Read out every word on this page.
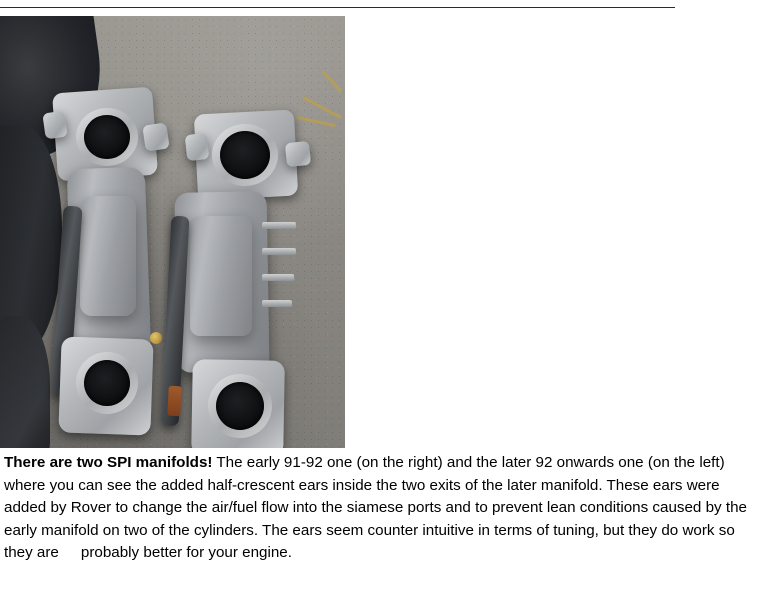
There are two SPI manifolds! The early 91-92 one (on the right) and the later 92 onwards one (on the left) where you can see the added half-crescent ears inside the two exits of the later manifold. These ears were added by Rover to change the air/fuel flow into the siamese ports and to prevent lean conditions caused by the early manifold on two of the cylinders. The ears seem counter intuitive in terms of tuning, but they do work so they are probably better for your engine.
